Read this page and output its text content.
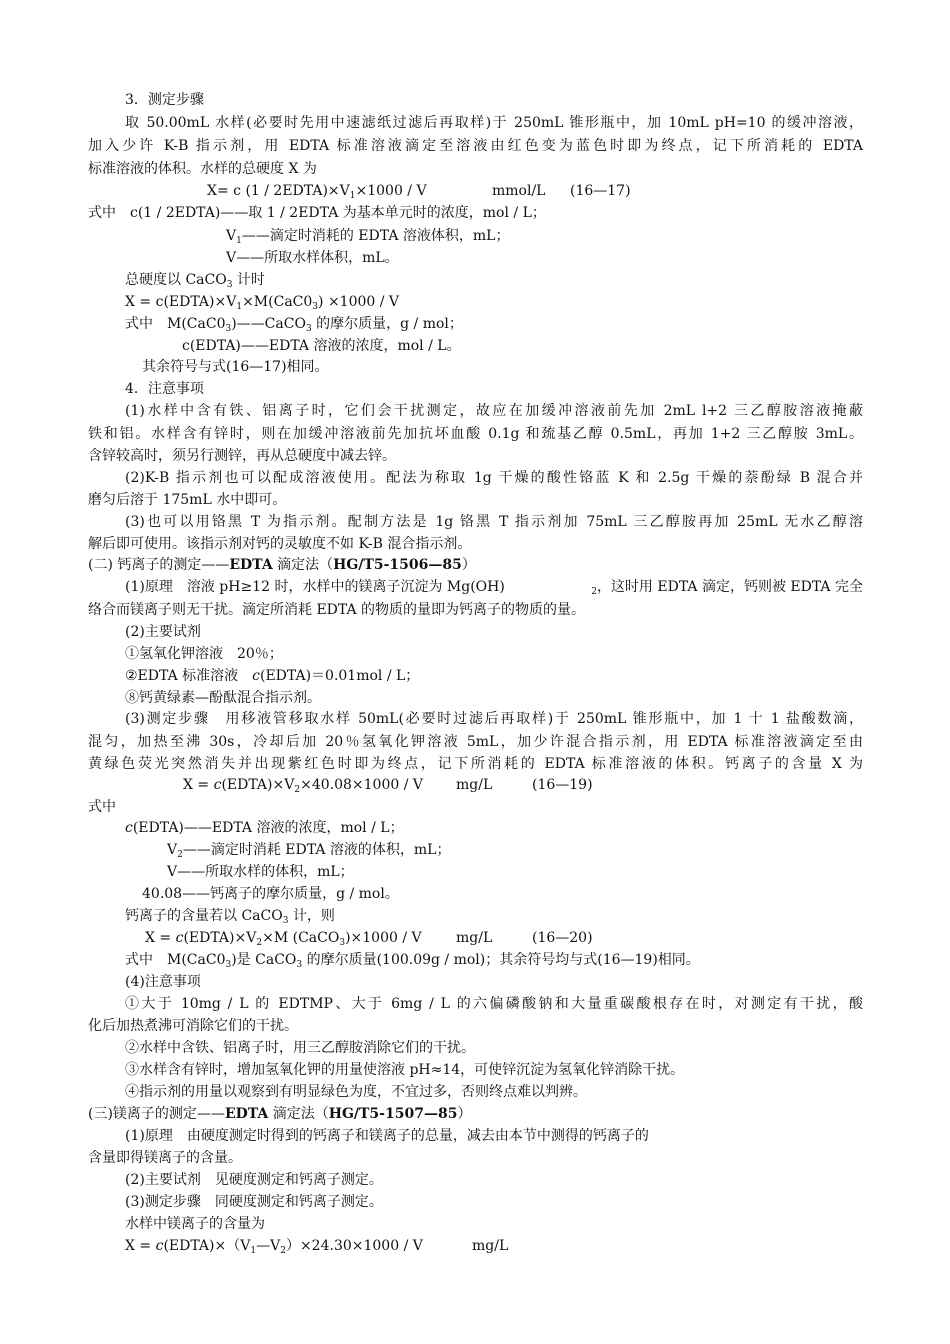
3．测定步骤
取 50.00mL 水样(必要时先用中速滤纸过滤后再取样)于 250mL 锥形瓶中，加 10mL pH=10 的缓冲溶液，
加入少许 K-B 指示剂，用 EDTA 标准溶液滴定至溶液由红色变为蓝色时即为终点，记下所消耗的 EDTA
标准溶液的体积。水样的总硬度 X 为
X= c $(1 / 2EDTA)\times V_1\times 1000 / V$	mmol/L (16—17)
式中　c(1 / 2EDTA)——取 1 / 2EDTA 为基本单元时的浓度，mol / L；
$V_1——$滴定时消耗的 EDTA 溶液体积，mL；
V——所取水样体积，mL。
总硬度以 CaCO$_3$ 计时
$X = c(EDTA)\times V_1\times M(CaC0_3) \times 1000 / V$
式中　$M(CaC0_3)——CaCO_3$ 的摩尔质量，g / mol；
c(EDTA)——EDTA 溶液的浓度，mol / L。
其余符号与式(16—17)相同。
4．注意事项
(1)水样中含有铁、铝离子时，它们会干扰测定，故应在加缓冲溶液前先加 2mL l+2 三乙醇胺溶液掩蔽
铁和铝。水样含有锌时，则在加缓冲溶液前先加抗坏血酸 0.1g 和巯基乙醇 0.5mL，再加 1+2 三乙醇胺 3mL。
含锌较高时，须另行测锌，再从总硬度中减去锌。
(2)K-B 指示剂也可以配成溶液使用。配法为称取 1g 干燥的酸性铬蓝 K 和 2.5g 干燥的萘酚绿 B 混合并
磨匀后溶于 175mL 水中即可。
(3)也可以用铬黑 T 为指示剂。配制方法是 1g 铬黑 T 指示剂加 75mL 三乙醇胺再加 25mL 无水乙醇溶
解后即可使用。该指示剂对钙的灵敏度不如 K-B 混合指示剂。
(二) 钙离子的测定——EDTA 滴定法（HG/T5-1506—85）
(1)原理　溶液 pH≥12 时，水样中的镁离子沉淀为 Mg(OH)	$_2$，这时用 EDTA 滴定，钙则被 EDTA 完全
络合而镁离子则无干扰。滴定所消耗 EDTA 的物质的量即为钙离子的物质的量。
(2)主要试剂
①氢氧化钾溶液　20％；
②EDTA 标准溶液　c(EDTA)＝0.01mol / L；
⑧钙黄绿素—酚酞混合指示剂。
(3)测定步骤　用移液管移取水样 50mL(必要时过滤后再取样)于 250mL 锥形瓶中，加 1 十 1 盐酸数滴，
混匀，加热至沸 30s，冷却后加 20％氢氧化钾溶液 5mL，加少许混合指示剂，用 EDTA 标准溶液滴定至由
黄绿色荧光突然消失并出现紫红色时即为终点，记下所消耗的 EDTA 标准溶液的体积。钙离子的含量 X 为
$X = c(EDTA)\times V_2\times 40.08\times 1000 / V$ mg/L	(16—19)
式中
c(EDTA)——EDTA 溶液的浓度，mol / L；
$V_2——$滴定时消耗 EDTA 溶液的体积，mL；
V——所取水样的体积，mL；
40.08——钙离子的摩尔质量，g / mol。
钙离子的含量若以 CaCO$_3$ 计，则
$X = c(EDTA)\times V_2\times M$ (CaCO$_3$)×1000 / V mg/L	(16—20)
式中　$M(CaC0_3)$是 CaCO$_3$ 的摩尔质量(100.09g / mol)；其余符号均与式(16—19)相同。
(4)注意事项
①大于 10mg / L 的 EDTMP、大于 6mg / L 的六偏磷酸钠和大量重碳酸根存在时，对测定有干扰，酸
化后加热煮沸可消除它们的干扰。
②水样中含铁、铝离子时，用三乙醇胺消除它们的干扰。
③水样含有锌时，增加氢氧化钾的用量使溶液 pH≈14，可使锌沉淀为氢氧化锌消除干扰。
④指示剂的用量以观察到有明显绿色为度，不宜过多，否则终点难以判辨。
(三)镁离子的测定——EDTA 滴定法（HG/T5-1507—85）
(1)原理　由硬度测定时得到的钙离子和镁离子的总量，减去由本节中测得的钙离子的
含量即得镁离子的含量。
(2)主要试剂　见硬度测定和钙离子测定。
(3)测定步骤　同硬度测定和钙离子测定。
水样中镁离子的含量为
$X = c(EDTA)\times(V_1—V_2)\times 24.30\times 1000 / V$	mg/L
